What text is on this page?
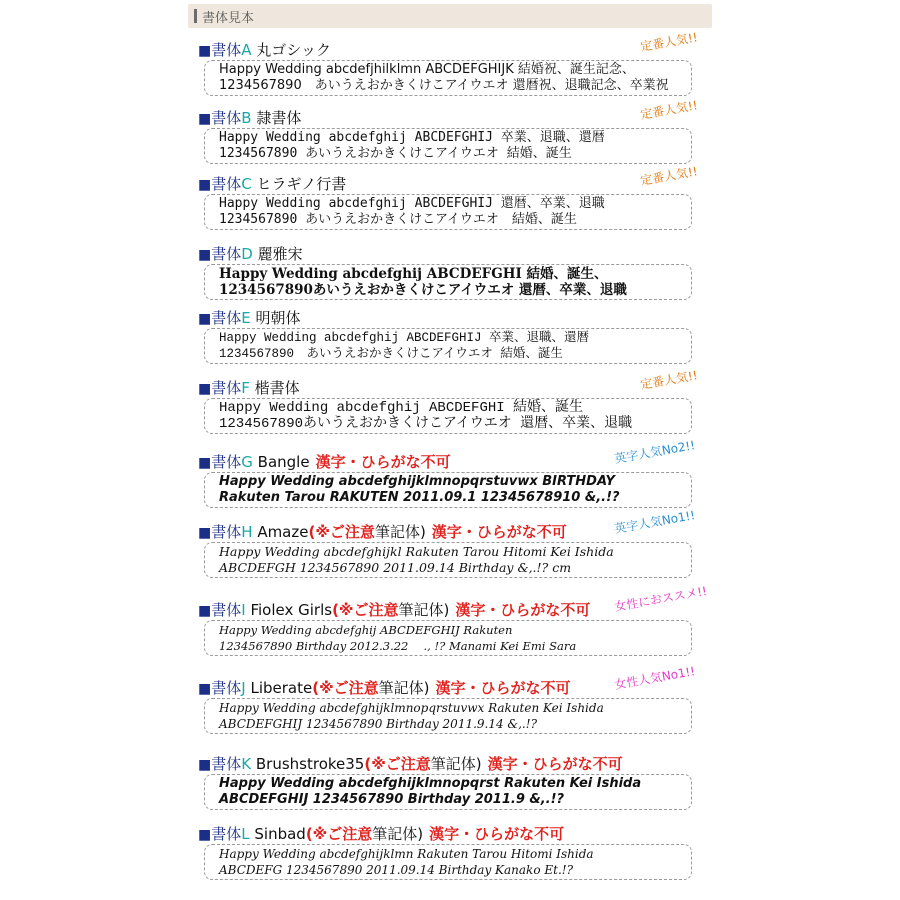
書体見本
■書体A 丸ゴシック	定番人気!!
Happy Wedding abcdefjhilklmn ABCDEFGHIJK 結婚祝、誕生記念、
1234567890　あいうえおかきくけこアイウエオ 還暦祝、退職記念、卒業祝
■書体B 隷書体	定番人気!!
Happy Wedding abcdefghij ABCDEFGHIJ 卒業、退職、還暦
1234567890 あいうえおかきくけこアイウエオ 結婚、誕生
■書体C ヒラギノ行書	定番人気!!
Happy Wedding abcdefghij ABCDEFGHIJ 還暦、卒業、退職
1234567890 あいうえおかきくけこアイウエオ　結婚、誕生
■書体D 麗雅宋
Happy Wedding abcdefghij ABCDEFGHI 結婚、誕生、
1234567890あいうえおかきくけこアイウエオ 還暦、卒業、退職
■書体E 明朝体
Happy Wedding abcdefghij ABCDEFGHIJ 卒業、退職、還暦
1234567890　あいうえおかきくけこアイウエオ 結婚、誕生
■書体F 楷書体	定番人気!!
Happy Wedding abcdefghij ABCDEFGHI 結婚、誕生
1234567890あいうえおかきくけこアイウエオ 還暦、卒業、退職
■書体G Bangle 漢字・ひらがな不可	英字人気No2!!
Happy Wedding abcdefghijklmnopqrstuvwx BIRTHDAY
Rakuten Tarou RAKUTEN 2011.09.1 12345678910 &,.!?
■書体H Amaze(※ご注意筆記体) 漢字・ひらがな不可	英字人気No1!!
Happy Wedding abcdefghijkl Rakuten Tarou Hitomi Kei Ishida
ABCDEFGH 1234567890 2011.09.14 Birthday &,.!? cm
■書体I Fiolex Girls(※ご注意筆記体) 漢字・ひらがな不可 女性におススメ!!
Happy Wedding abcdefghij ABCDEFGHIJ Rakuten
1234567890 Birthday 2012.3.22 　., !? Manami Kei Emi Sara
■書体J Liberate(※ご注意筆記体) 漢字・ひらがな不可	女性人気No1!!
Happy Wedding abcdefghijklmnopqrstuvwx Rakuten Kei Ishida
ABCDEFGHIJ 1234567890 Birthday 2011.9.14 &,.!?
■書体K Brushstroke35(※ご注意筆記体) 漢字・ひらがな不可
Happy Wedding abcdefghijklmnopqrst Rakuten Kei Ishida
ABCDEFGHIJ 1234567890 Birthday 2011.9 &,.!?
■書体L Sinbad(※ご注意筆記体) 漢字・ひらがな不可
Happy Wedding abcdefghijklmn Rakuten Tarou Hitomi Ishida
ABCDEFG 1234567890 2011.09.14 Birthday Kanako Et.!?
